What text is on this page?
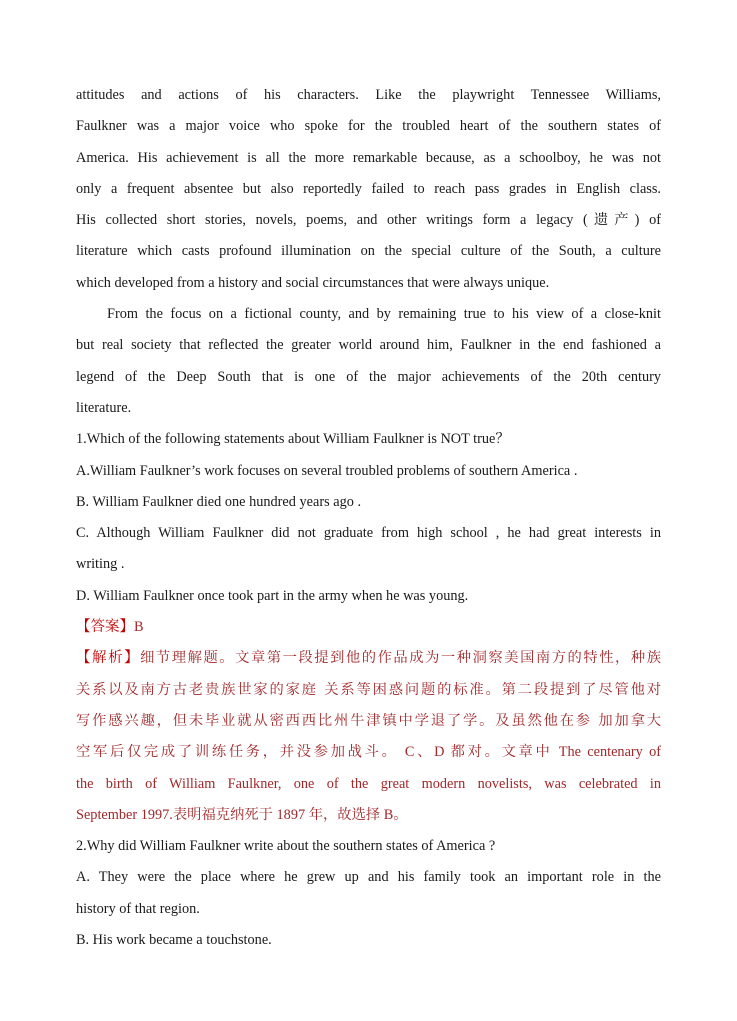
attitudes and actions of his characters. Like the playwright Tennessee Williams,

Faulkner was a major voice who spoke for the troubled heart of the southern states of

America. His achievement is all the more remarkable because, as a schoolboy, he was not

only a frequent absentee but also reportedly failed to reach pass grades in English class.

His collected short stories, novels, poems, and other writings form a legacy (遗产) of

literature which casts profound illumination on the special culture of the South, a culture

which developed from a history and social circumstances that were always unique.

From the focus on a fictional county, and by remaining true to his view of a close-knit

but real society that reflected the greater world around him, Faulkner in the end fashioned a

legend of the Deep South that is one of the major achievements of the 20th century

literature.

1.Which of the following statements about William Faulkner is NOT true？

A.William Faulkner’s work focuses on several troubled problems of southern America .

B. William Faulkner died one hundred years ago .

C. Although William Faulkner did not graduate from high school , he had great interests in

writing .

D. William Faulkner once took part in the army when he was young.

【答案】B

【解析】细节理解题。文章第一段提到他的作品成为一种洞察美国南方的特性，种族

关系以及南方古老贵族世家的家庭 关系等困惑问题的标准。第二段提到了尽管他对

写作感兴趣，但未毕业就从密西西比州牛津镇中学退了学。及虽然他在参 加加拿大

空军后仅完成了训练任务，并没参加战斗。 C、D 都对。文章中 The centenary of

the birth of William Faulkner, one of the great modern novelists, was celebrated in

September 1997.表明福克纳死于 1897 年，故选择 B。

2.Why did William Faulkner write about the southern states of America ?

A. They were the place where he grew up and his family took an important role in the

history of that region.

B. His work became a touchstone.
